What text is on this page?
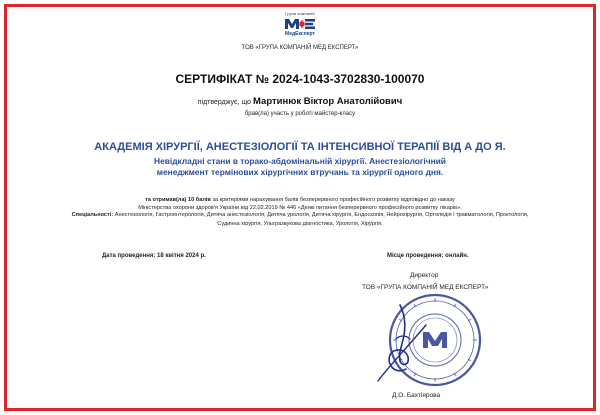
Група компаній
МедЕксперт
ТОВ «ГРУПА КОМПАНІЙ МЕД ЕКСПЕРТ»
СЕРТИФІКАТ № 2024-1043-3702830-100070
підтверджує, що Мартинюк Віктор Анатолійович
брав(ла) участь у роботі майстер-класу
АКАДЕМІЯ ХІРУРГІЇ, АНЕСТЕЗІОЛОГІЇ ТА ІНТЕНСИВНОЇ ТЕРАПІЇ ВІД А ДО Я.
Невідкладні стани в торако-абдомінальній хірургії. Анестезіологічний менеджмент термінових хірургічних втручань та хірургії одного дня.
та отримав(ла) 10 балів за критеріями нарахування балів безперервного професійного розвитку відповідно до наказу
Міністерства охорони здоров'я України від 22.02.2019 № 446 «Деякі питання безперервного професійного розвитку лікарів».
Спеціальності: Анестезіологія, Гастроентерологія, Дитяча анестезіологія, Дитяча урологія, Дитяча хірургія, Ендоскопія, Нейрохірургія, Ортопедія і травматологія, Проктологія, Судинна хірургія, Ультразвукова діагностика, Урологія, Хірургія.
Дата проведення: 18 квітня 2024 р.	Місце проведення: онлайн.
Директор
ТОВ «ГРУПА КОМПАНІЙ МЕД ЕКСПЕРТ»
Д.О. Бахтіярова
